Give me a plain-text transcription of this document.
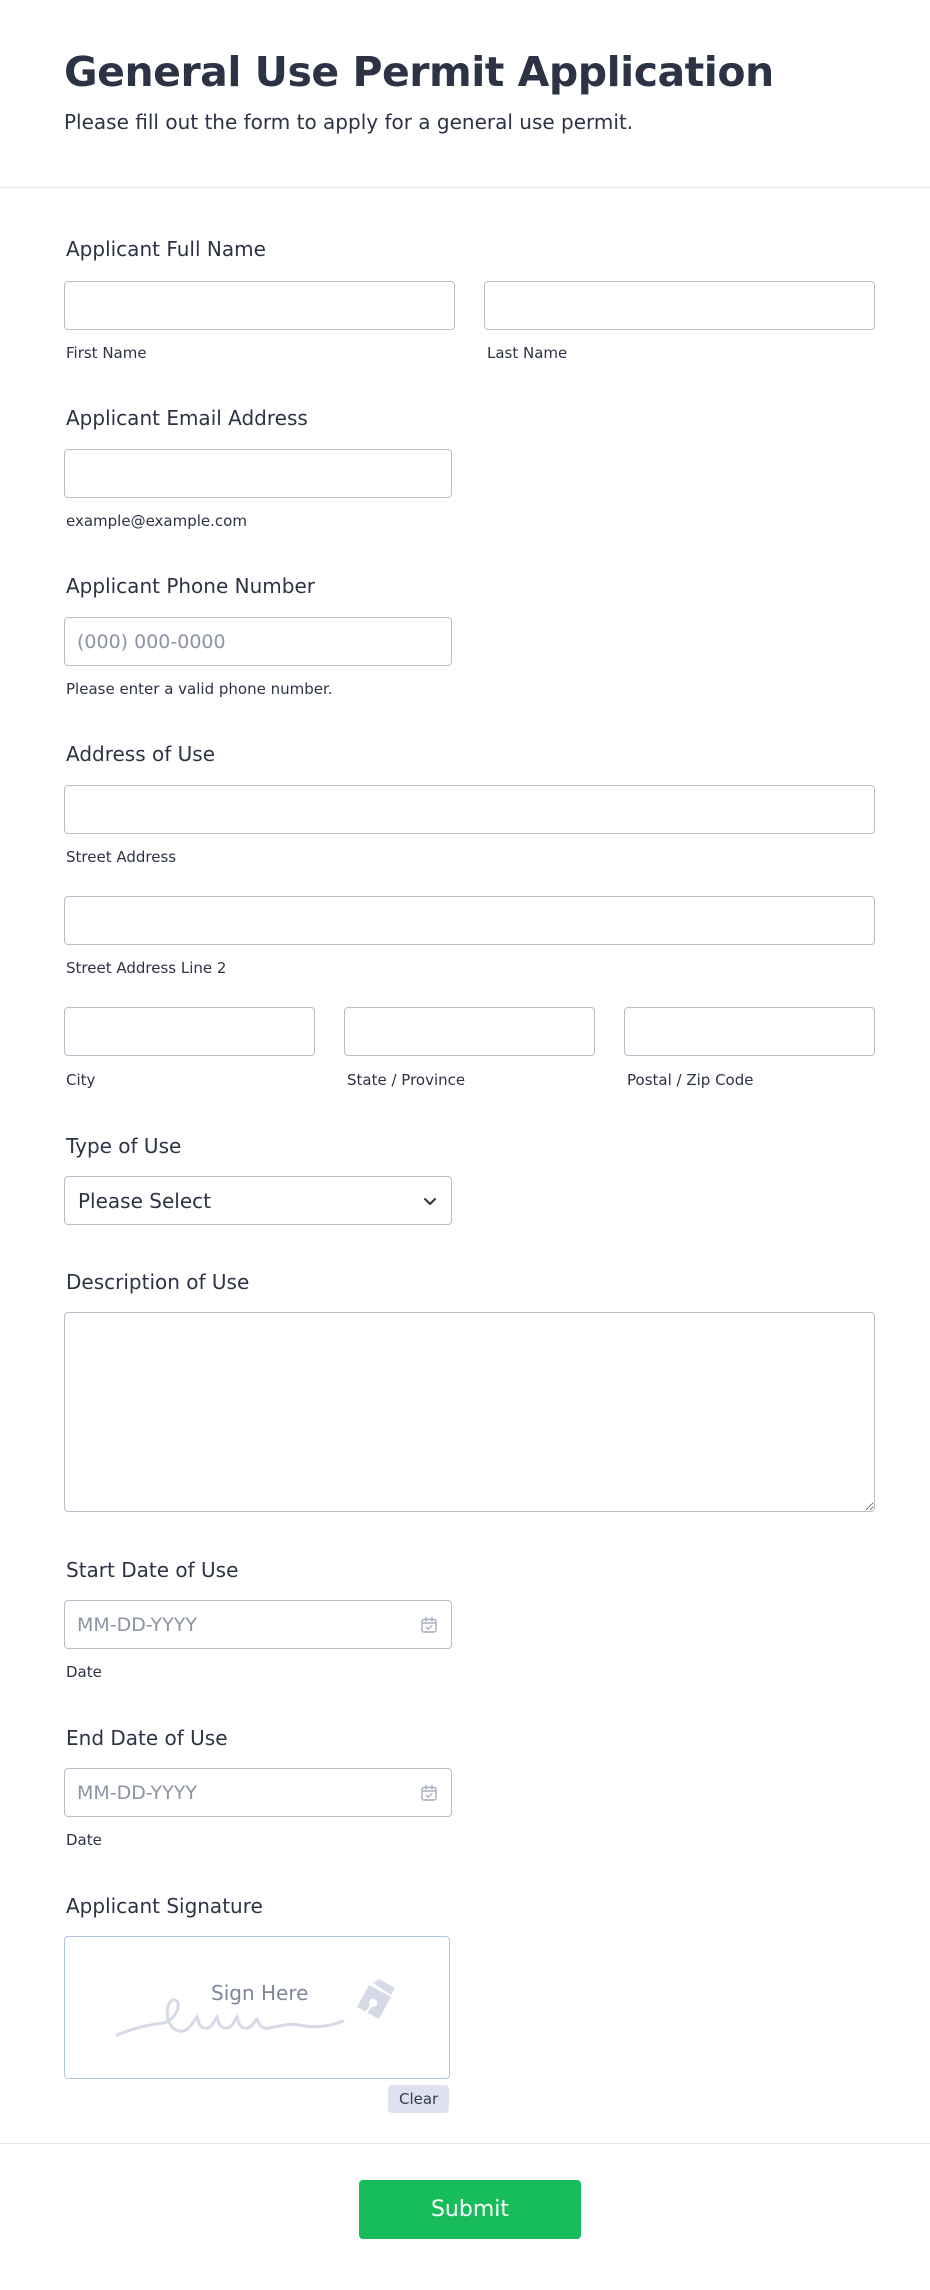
General Use Permit Application
Please fill out the form to apply for a general use permit.
Applicant Full Name
First Name	Last Name
Applicant Email Address
example@example.com
Applicant Phone Number
(000) 000-0000
Please enter a valid phone number.
Address of Use
Street Address
Street Address Line 2
City	State / Province	Postal / Zip Code
Type of Use
Please Select
Description of Use
Start Date of Use
MM-DD-YYYY
Date
End Date of Use
MM-DD-YYYY
Date
Applicant Signature
Sign Here
Clear
Submit
